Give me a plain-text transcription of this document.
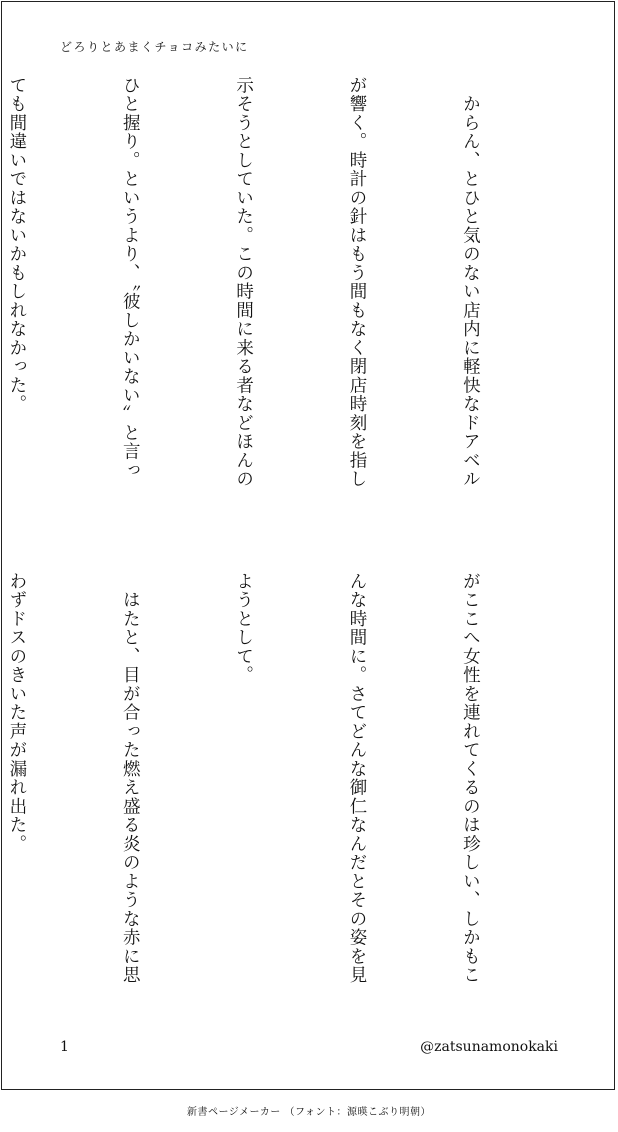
どろりとあまくチョコみたいに

　からん、とひと気のない店内に軽快なドアベル

が響く。時計の針はもう間もなく閉店時刻を指し

示そうとしていた。この時間に来る者などほんの

ひと握り。というより、〝彼しかいない〟と言っ

ても間違いではないかもしれなかった。

がここへ女性を連れてくるのは珍しい、しかもこ

んな時間に。さてどんな御仁なんだとその姿を見

ようとして。

　はたと、目が合った燃え盛る炎のような赤に思

わずドスのきいた声が漏れ出た。

1	@zatsunamonokaki
新書ページメーカー （フォント：源暎こぶり明朝）
